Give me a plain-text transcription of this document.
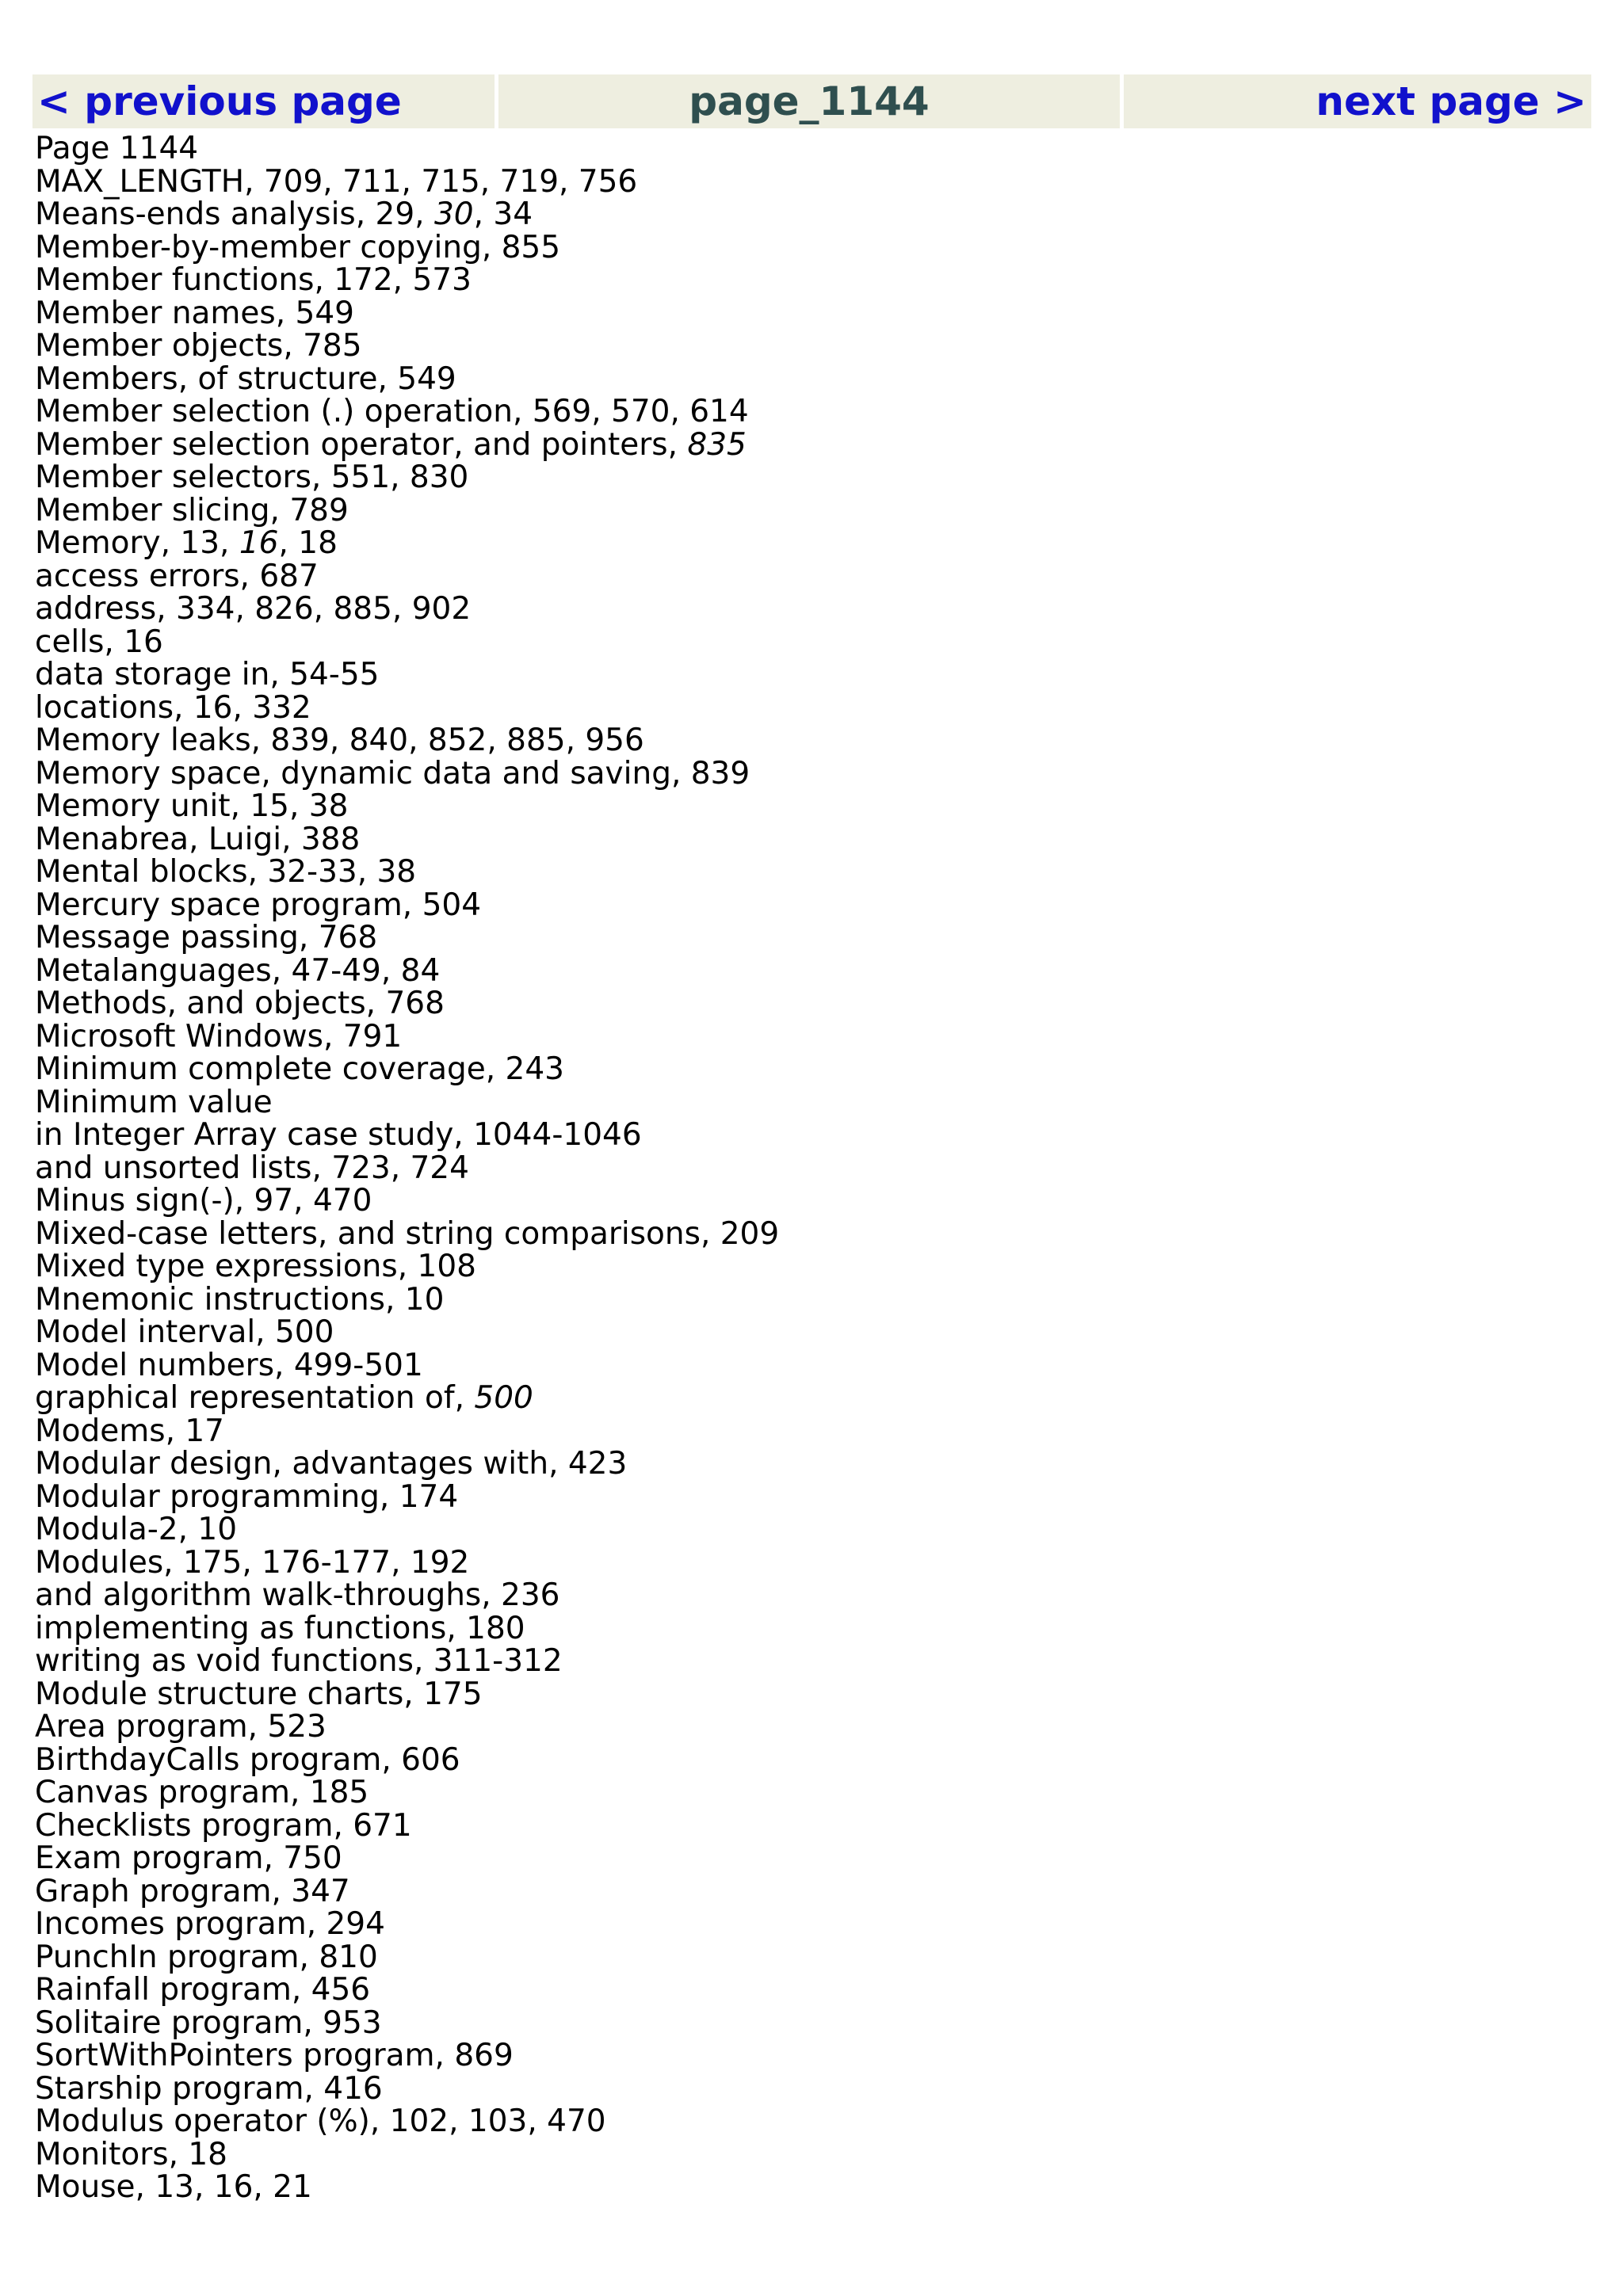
< previous page	page_1144	next page >
Page 1144
MAX_LENGTH, 709, 711, 715, 719, 756
Means-ends analysis, 29, 30, 34
Member-by-member copying, 855
Member functions, 172, 573
Member names, 549
Member objects, 785
Members, of structure, 549
Member selection (.) operation, 569, 570, 614
Member selection operator, and pointers, 835
Member selectors, 551, 830
Member slicing, 789
Memory, 13, 16, 18
access errors, 687
address, 334, 826, 885, 902
cells, 16
data storage in, 54-55
locations, 16, 332
Memory leaks, 839, 840, 852, 885, 956
Memory space, dynamic data and saving, 839
Memory unit, 15, 38
Menabrea, Luigi, 388
Mental blocks, 32-33, 38
Mercury space program, 504
Message passing, 768
Metalanguages, 47-49, 84
Methods, and objects, 768
Microsoft Windows, 791
Minimum complete coverage, 243
Minimum value
in Integer Array case study, 1044-1046
and unsorted lists, 723, 724
Minus sign(-), 97, 470
Mixed-case letters, and string comparisons, 209
Mixed type expressions, 108
Mnemonic instructions, 10
Model interval, 500
Model numbers, 499-501
graphical representation of, 500
Modems, 17
Modular design, advantages with, 423
Modular programming, 174
Modula-2, 10
Modules, 175, 176-177, 192
and algorithm walk-throughs, 236
implementing as functions, 180
writing as void functions, 311-312
Module structure charts, 175
Area program, 523
BirthdayCalls program, 606
Canvas program, 185
Checklists program, 671
Exam program, 750
Graph program, 347
Incomes program, 294
PunchIn program, 810
Rainfall program, 456
Solitaire program, 953
SortWithPointers program, 869
Starship program, 416
Modulus operator (%), 102, 103, 470
Monitors, 18
Mouse, 13, 16, 21
